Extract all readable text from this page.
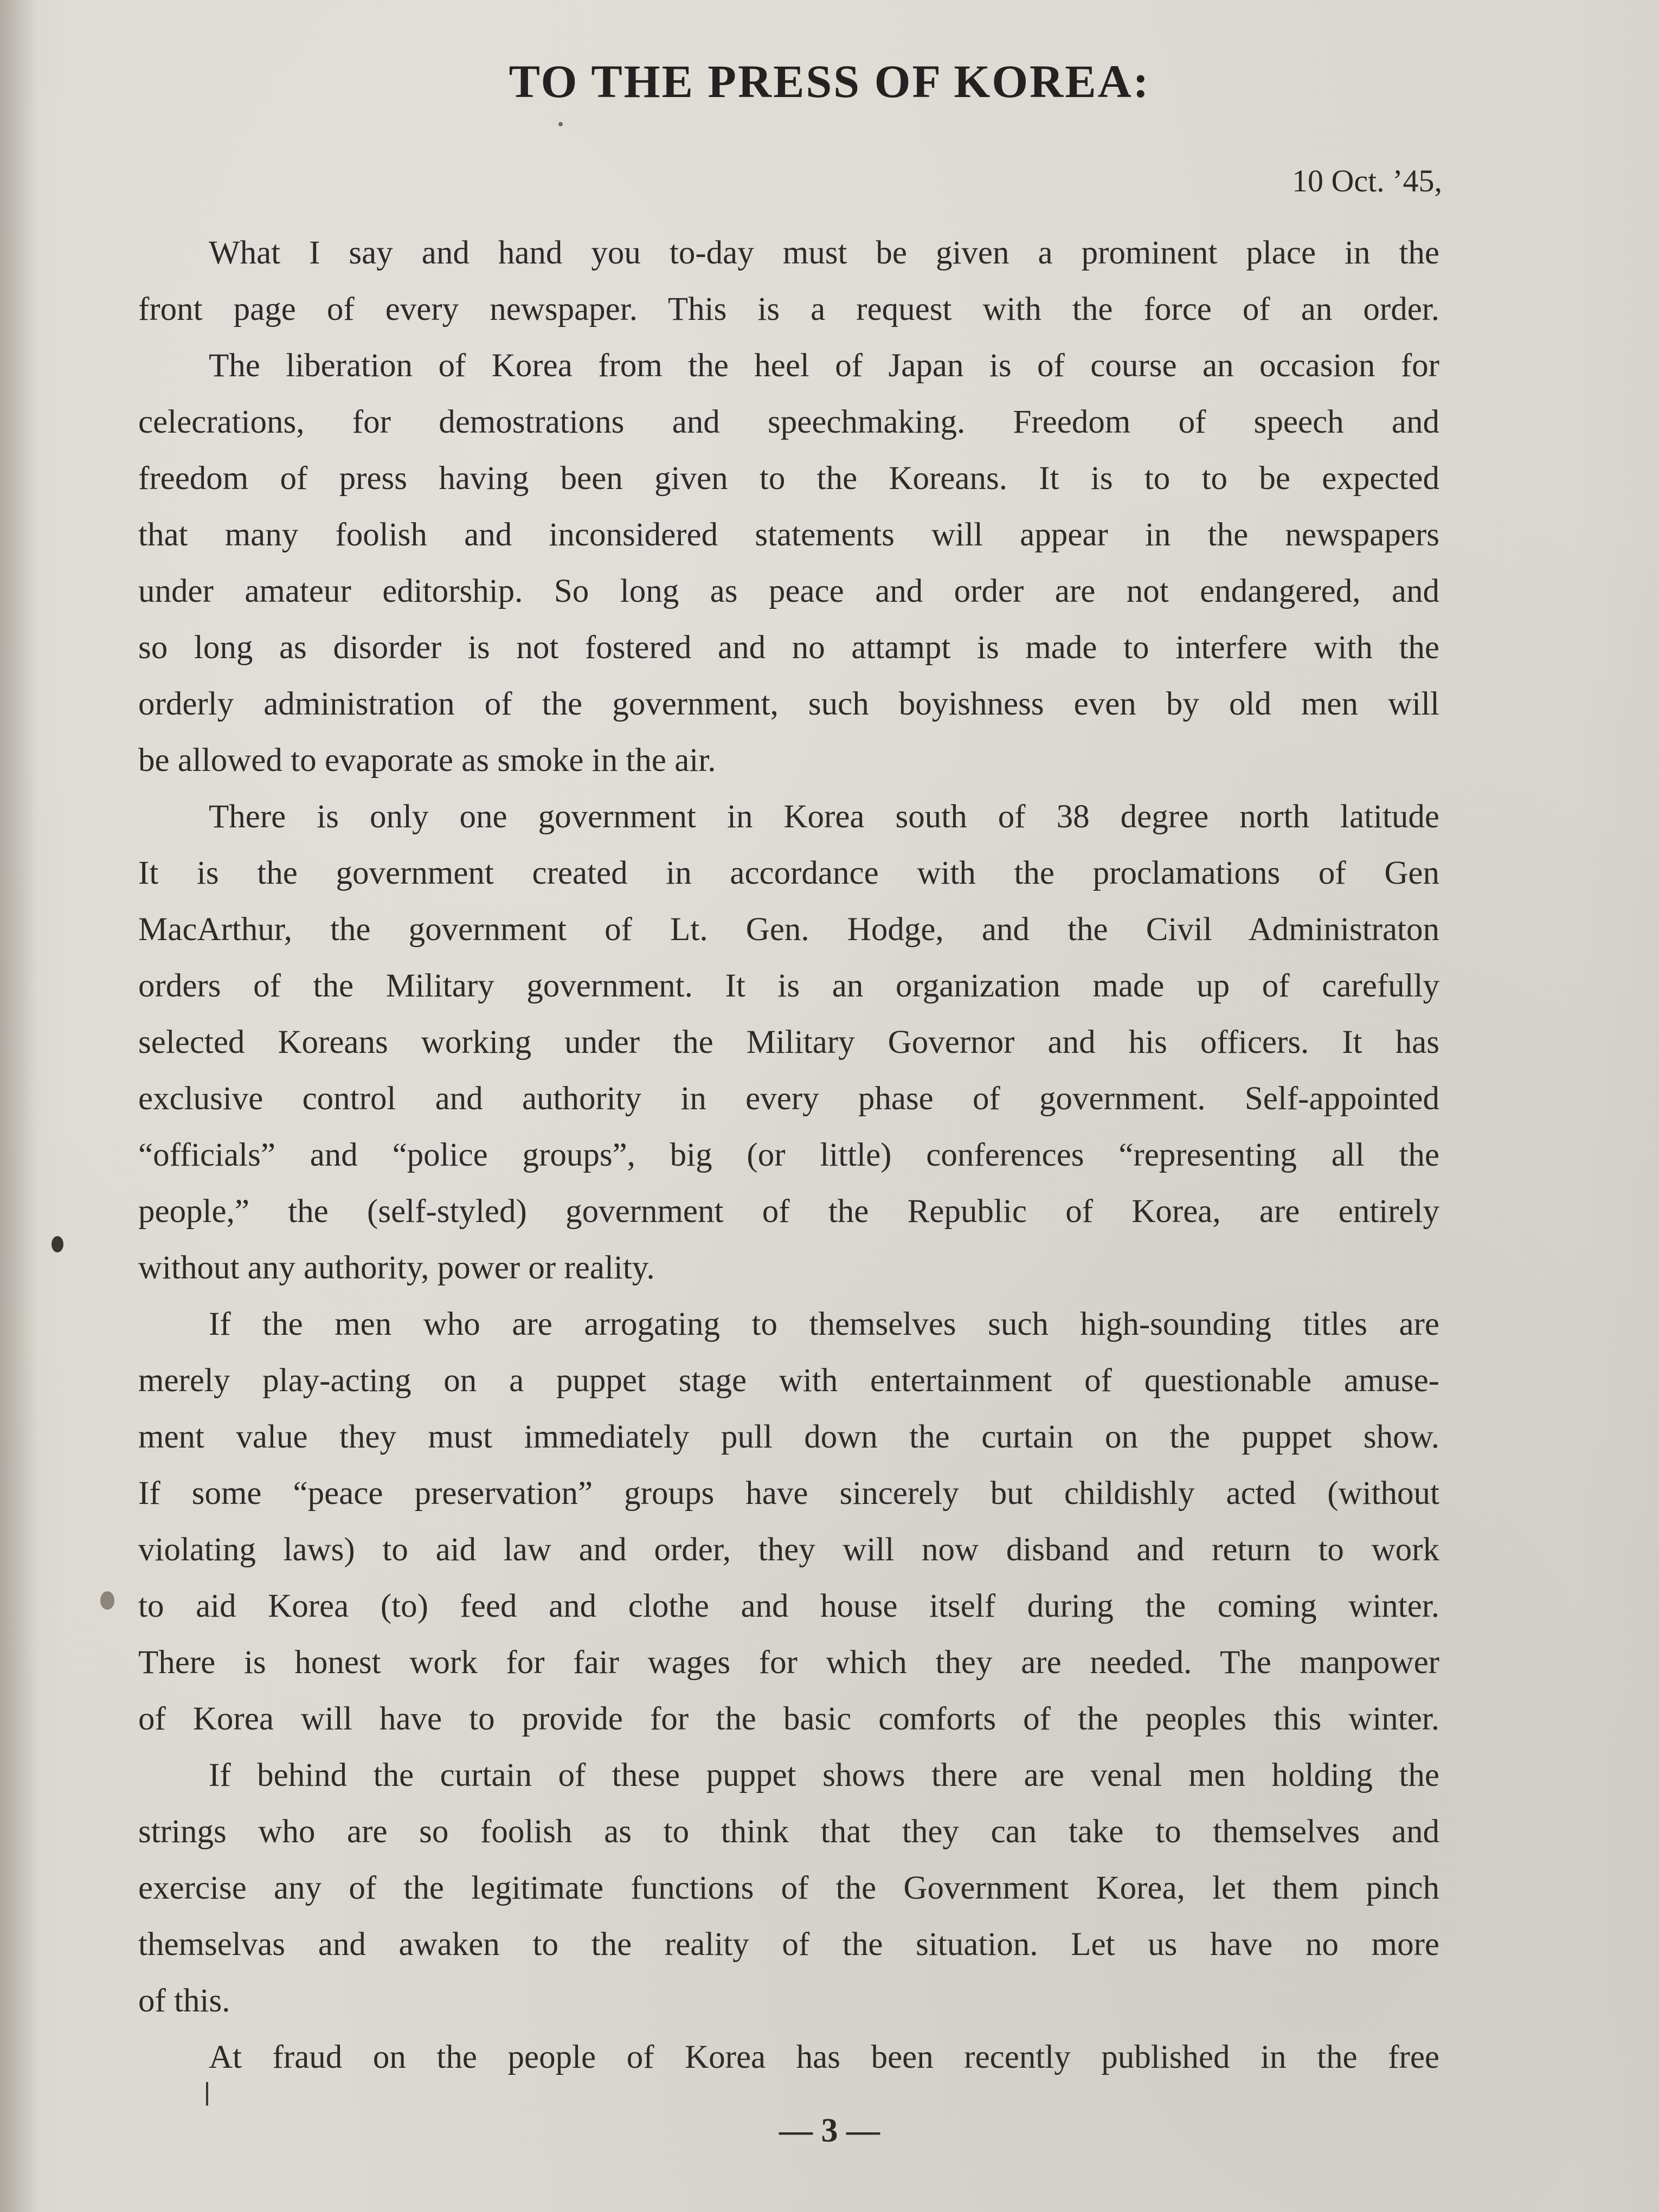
TO THE PRESS OF KOREA:

10 Oct. ’45,

What I say and hand you to-day must be given a prominent place in the
front page of every newspaper. This is a request with the force of an order.
The liberation of Korea from the heel of Japan is of course an occasion for
celecrations, for demostrations and speechmaking. Freedom of speech and
freedom of press having been given to the Koreans. It is to to be expected
that many foolish and inconsidered statements will appear in the newspapers
under amateur editorship. So long as peace and order are not endangered, and
so long as disorder is not fostered and no attampt is made to interfere with the
orderly administration of the government, such boyishness even by old men will
be allowed to evaporate as smoke in the air.
There is only one government in Korea south of 38 degree north latitude
It is the government created in accordance with the proclamations of Gen
MacArthur, the government of Lt. Gen. Hodge, and the Civil Administraton
orders of the Military government. It is an organization made up of carefully
selected Koreans working under the Military Governor and his officers. It has
exclusive control and authority in every phase of government. Self-appointed
“officials” and “police groups”, big (or little) conferences “representing all the
people,” the (self-styled) government of the Republic of Korea, are entirely
without any authority, power or reality.
If the men who are arrogating to themselves such high-sounding titles are
merely play-acting on a puppet stage with entertainment of questionable amuse-
ment value they must immediately pull down the curtain on the puppet show.
If some “peace preservation” groups have sincerely but childishly acted (without
violating laws) to aid law and order, they will now disband and return to work
to aid Korea (to) feed and clothe and house itself during the coming winter.
There is honest work for fair wages for which they are needed. The manpower
of Korea will have to provide for the basic comforts of the peoples this winter.
If behind the curtain of these puppet shows there are venal men holding the
strings who are so foolish as to think that they can take to themselves and
exercise any of the legitimate functions of the Government Korea, let them pinch
themselvas and awaken to the reality of the situation. Let us have no more
of this.
At fraud on the people of Korea has been recently published in the free

— 3 —
